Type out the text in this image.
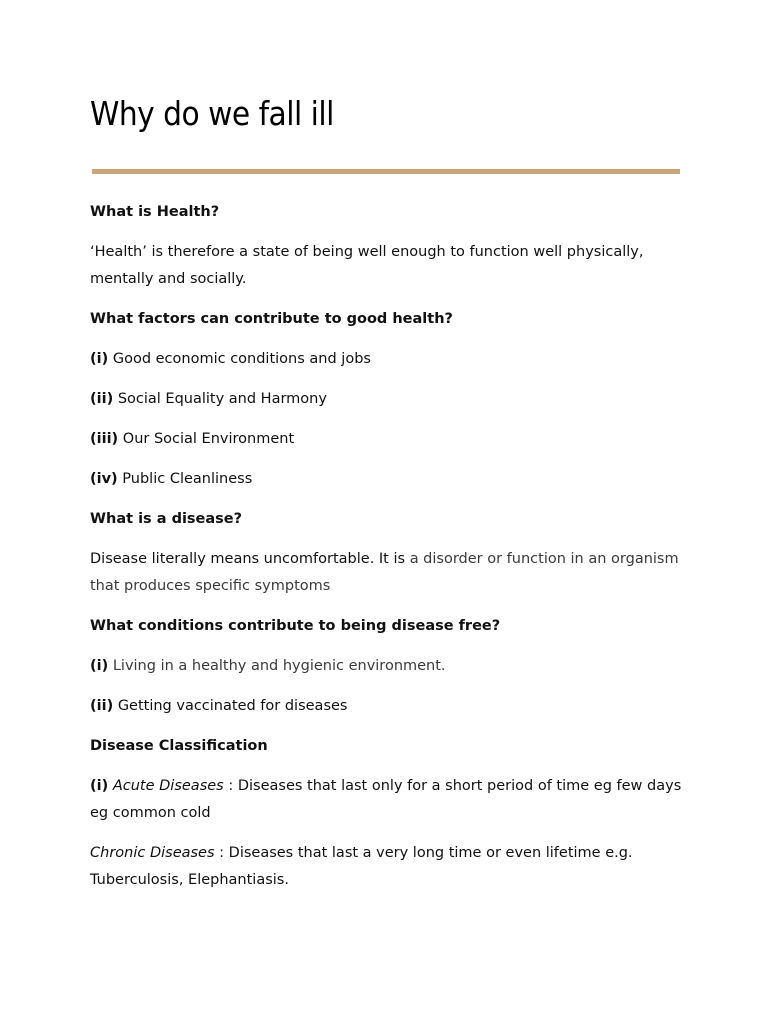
Why do we fall ill

What is Health?

‘Health’ is therefore a state of being well enough to function well physically, mentally and socially.

What factors can contribute to good health?

(i) Good economic conditions and jobs

(ii) Social Equality and Harmony

(iii) Our Social Environment

(iv) Public Cleanliness

What is a disease?

Disease literally means uncomfortable. It is a disorder or function in an organism that produces specific symptoms

What conditions contribute to being disease free?

(i) Living in a healthy and hygienic environment.

(ii) Getting vaccinated for diseases

Disease Classification

(i) Acute Diseases : Diseases that last only for a short period of time eg few days eg common cold

Chronic Diseases : Diseases that last a very long time or even lifetime e.g. Tuberculosis, Elephantiasis.
